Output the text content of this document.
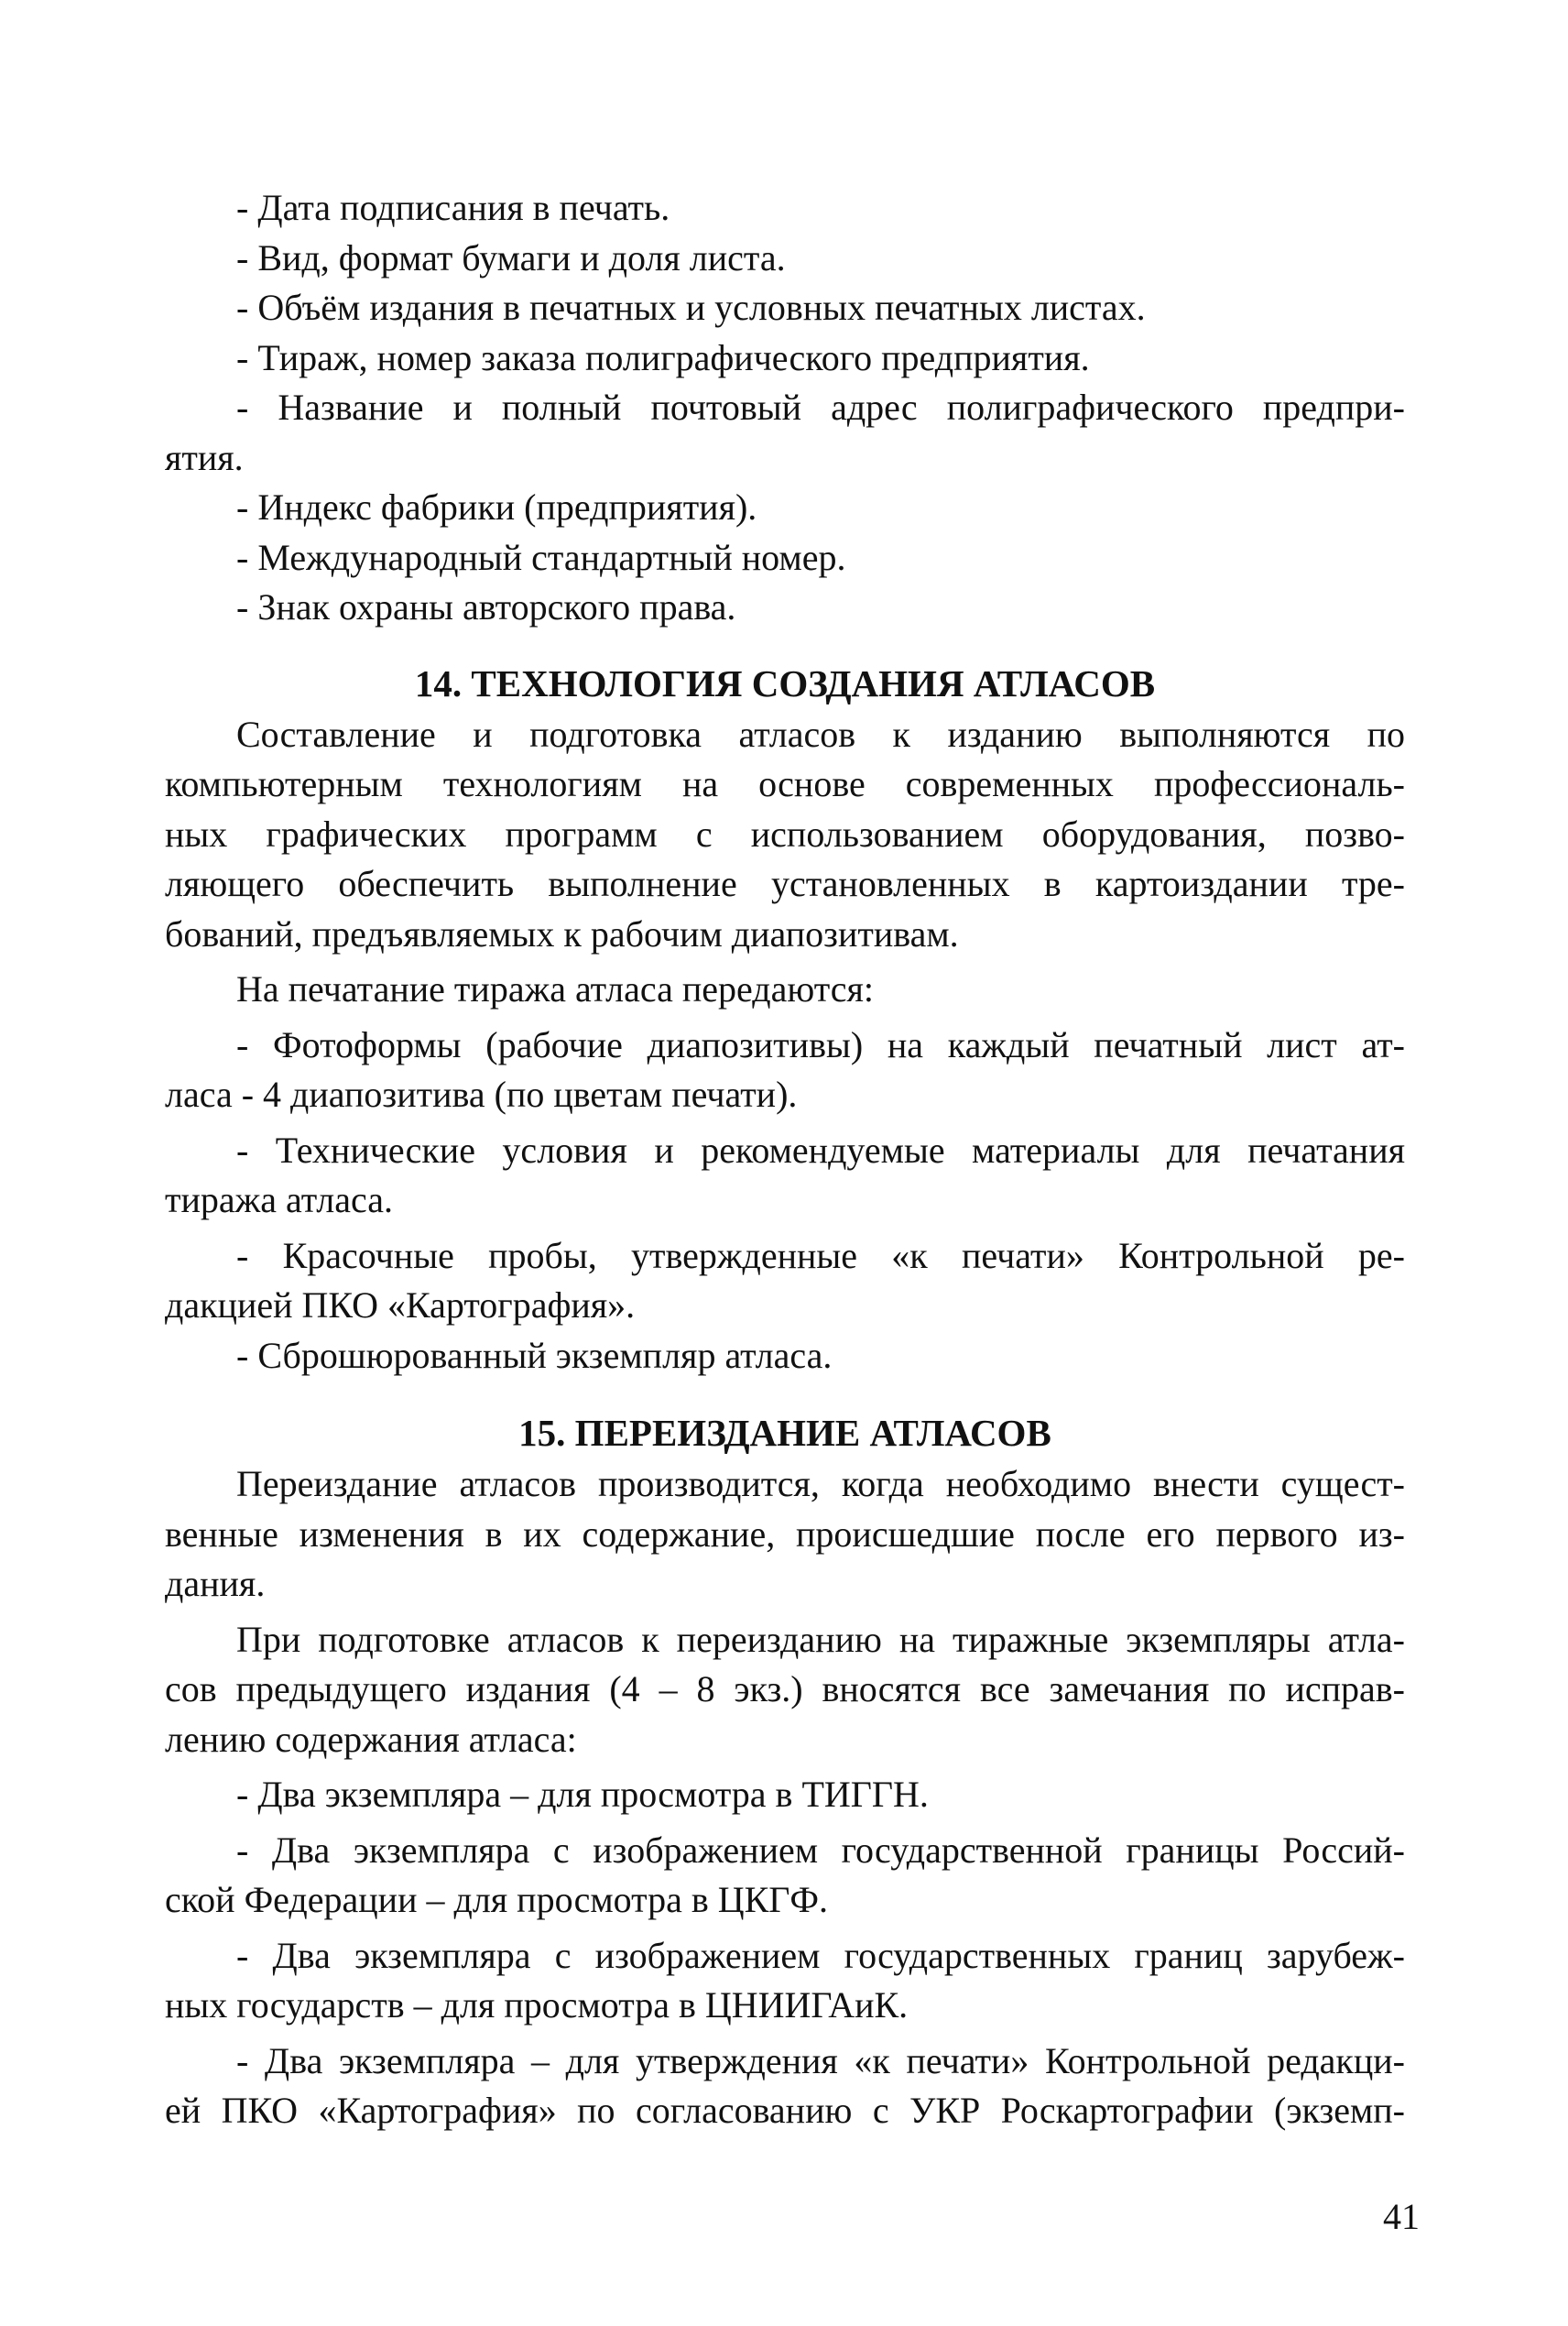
- Дата подписания в печать.
- Вид, формат бумаги и доля листа.
- Объём издания в печатных и условных печатных листах.
- Тираж, номер заказа полиграфического предприятия.
- Название и полный почтовый адрес полиграфического предпри-
ятия.
- Индекс фабрики (предприятия).
- Международный стандартный номер.
- Знак охраны авторского права.
14. ТЕХНОЛОГИЯ СОЗДАНИЯ АТЛАСОВ
Составление и подготовка атласов к изданию выполняются по
компьютерным технологиям на основе современных профессиональ-
ных графических программ с использованием оборудования, позво-
ляющего обеспечить выполнение установленных в картоиздании тре-
бований, предъявляемых к рабочим диапозитивам.
На печатание тиража атласа передаются:
- Фотоформы (рабочие диапозитивы) на каждый печатный лист ат-
ласа - 4 диапозитива (по цветам печати).
- Технические условия и рекомендуемые материалы для печатания
тиража атласа.
- Красочные пробы, утвержденные «к печати» Контрольной ре-
дакцией ПКО «Картография».
- Сброшюрованный экземпляр атласа.
15. ПЕРЕИЗДАНИЕ АТЛАСОВ
Переиздание атласов производится, когда необходимо внести сущест-
венные изменения в их содержание, происшедшие после его первого из-
дания.
При подготовке атласов к переизданию на тиражные экземпляры атла-
сов предыдущего издания (4 – 8 экз.) вносятся все замечания по исправ-
лению содержания атласа:
- Два экземпляра – для просмотра в ТИГГН.
- Два экземпляра с изображением государственной границы Россий-
ской Федерации – для просмотра в ЦКГФ.
- Два экземпляра с изображением государственных границ зарубеж-
ных государств – для просмотра в ЦНИИГАиК.
- Два экземпляра – для утверждения «к печати» Контрольной редакци-
ей ПКО «Картография» по согласованию с УКР Роскартографии (экземп-
41
